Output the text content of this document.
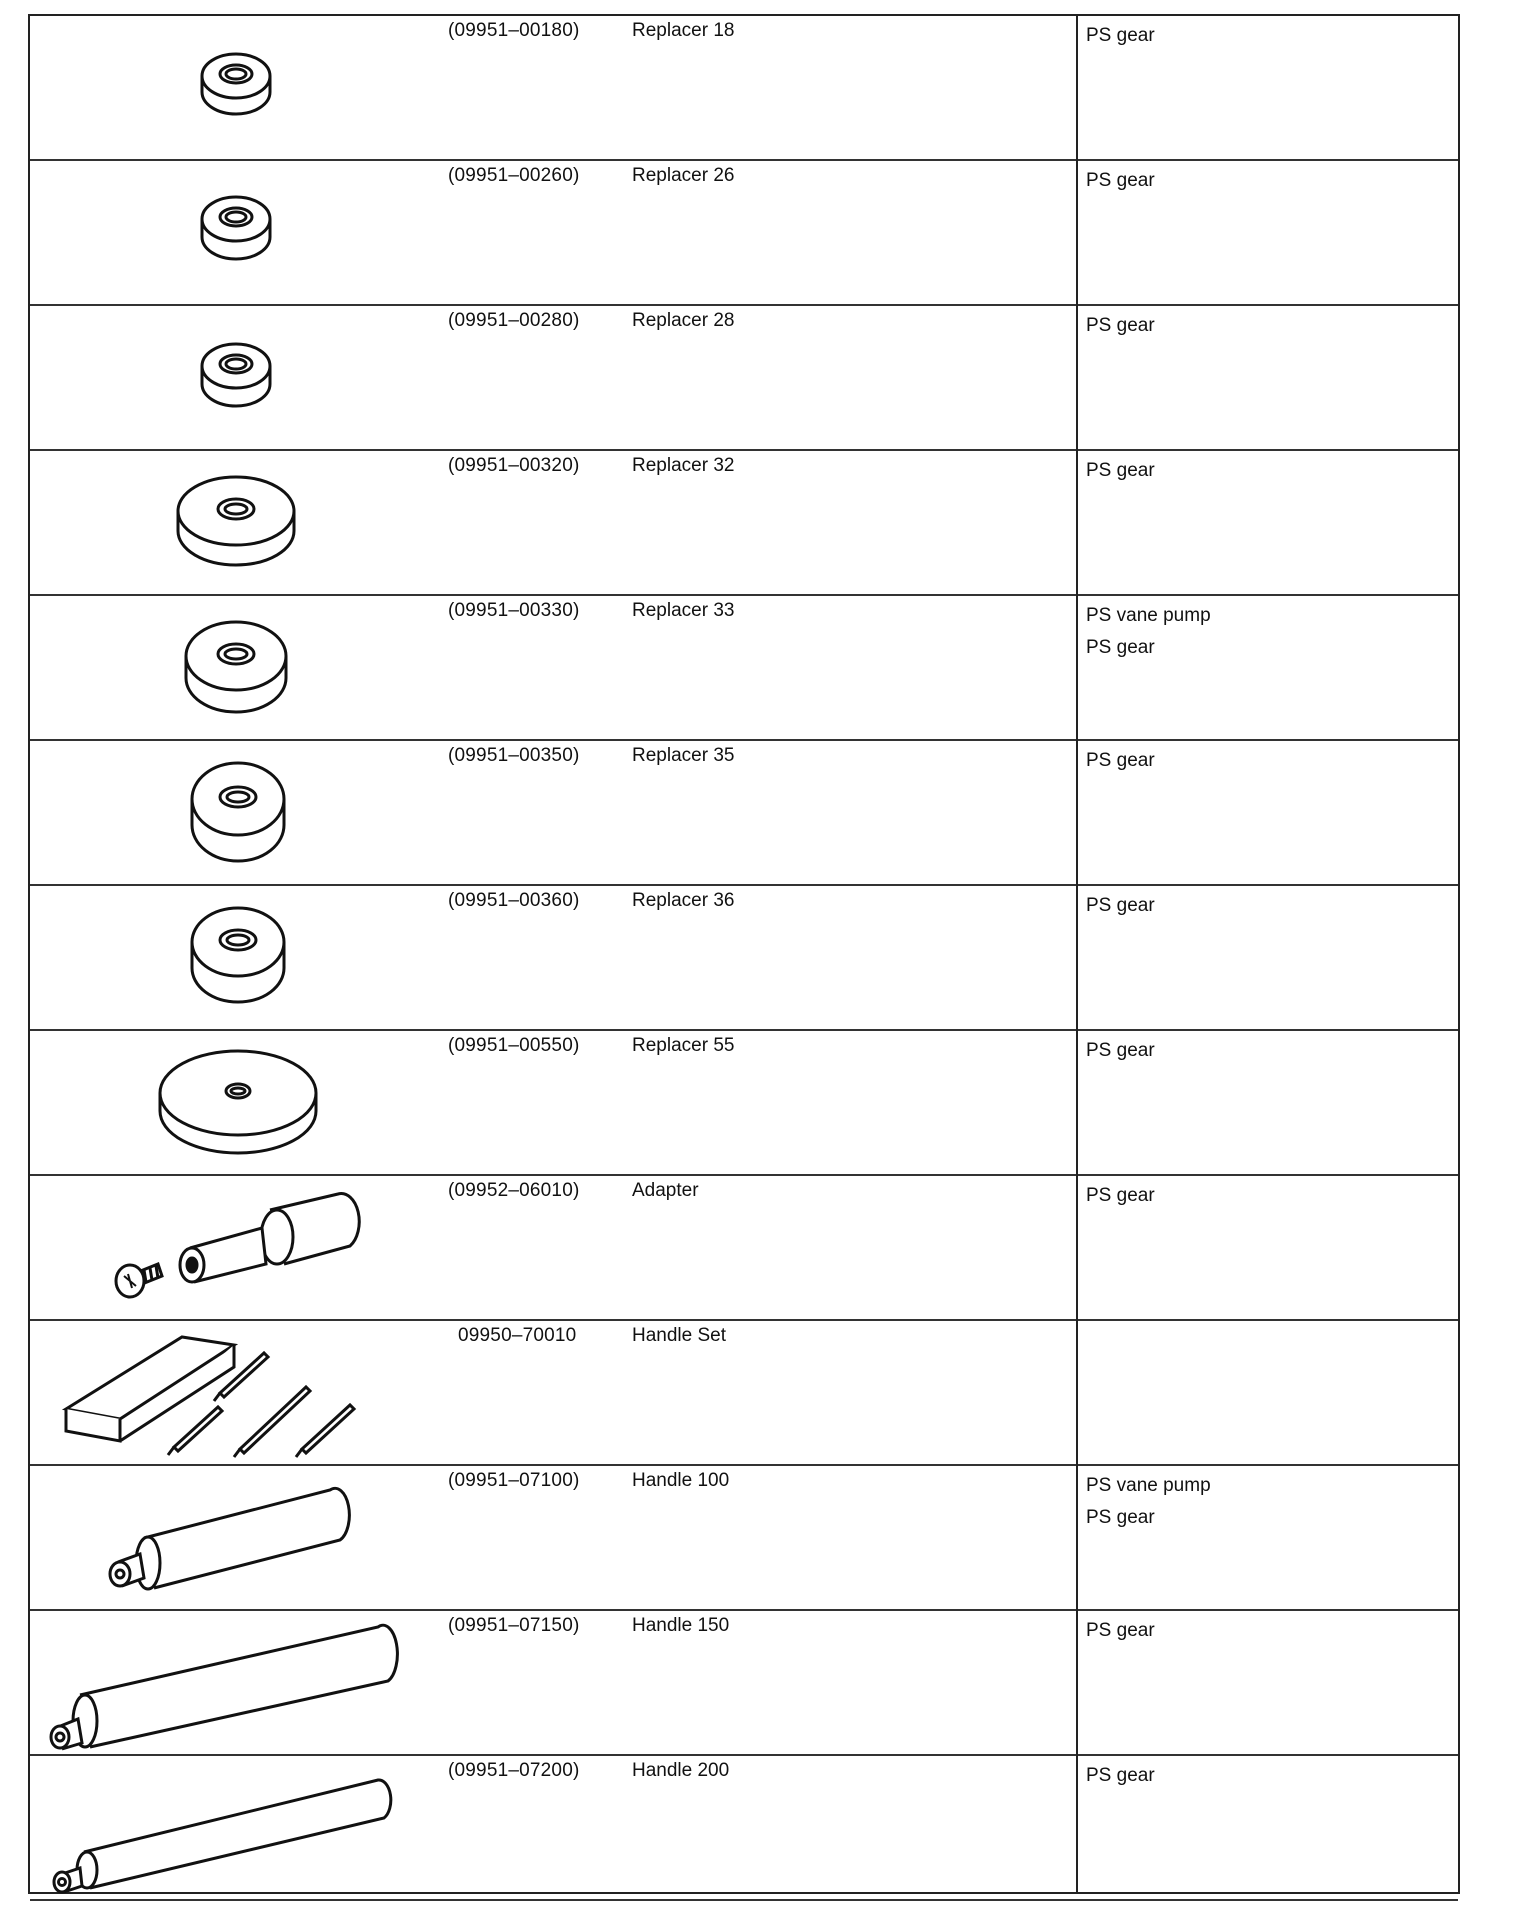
(09951–00180)	Replacer 18	PS gear
(09951–00260)	Replacer 26	PS gear
(09951–00280)	Replacer 28	PS gear
(09951–00320)	Replacer 32	PS gear
(09951–00330)	Replacer 33	PS vane pump
PS gear
(09951–00350)	Replacer 35	PS gear
(09951–00360)	Replacer 36	PS gear
(09951–00550)	Replacer 55	PS gear
(09952–06010)	Adapter	PS gear
09950–70010	Handle Set
(09951–07100)	Handle 100	PS vane pump
PS gear
(09951–07150)	Handle 150	PS gear
(09951–07200)	Handle 200	PS gear
